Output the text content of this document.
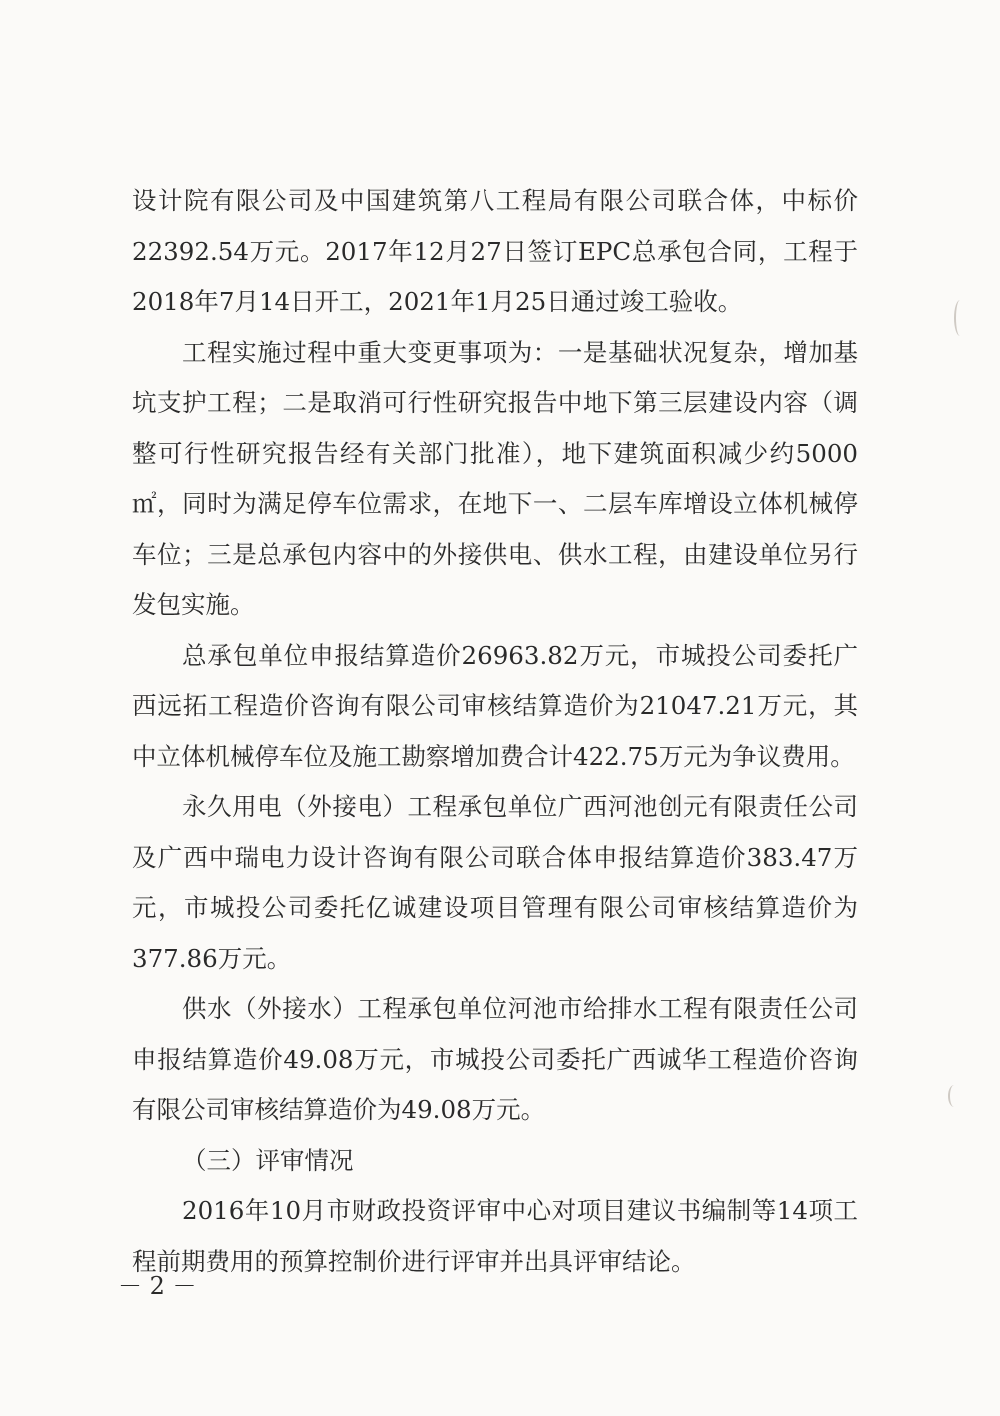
设计院有限公司及中国建筑第八工程局有限公司联合体，中标价22392.54万元。2017年12月27日签订EPC总承包合同，工程于2018年7月14日开工，2021年1月25日通过竣工验收。

工程实施过程中重大变更事项为：一是基础状况复杂，增加基坑支护工程；二是取消可行性研究报告中地下第三层建设内容（调整可行性研究报告经有关部门批准），地下建筑面积减少约5000㎡，同时为满足停车位需求，在地下一、二层车库增设立体机械停车位；三是总承包内容中的外接供电、供水工程，由建设单位另行发包实施。

总承包单位申报结算造价26963.82万元，市城投公司委托广西远拓工程造价咨询有限公司审核结算造价为21047.21万元，其中立体机械停车位及施工勘察增加费合计422.75万元为争议费用。

永久用电（外接电）工程承包单位广西河池创元有限责任公司及广西中瑞电力设计咨询有限公司联合体申报结算造价383.47万元，市城投公司委托亿诚建设项目管理有限公司审核结算造价为377.86万元。

供水（外接水）工程承包单位河池市给排水工程有限责任公司申报结算造价49.08万元，市城投公司委托广西诚华工程造价咨询有限公司审核结算造价为49.08万元。

（三）评审情况

2016年10月市财政投资评审中心对项目建议书编制等14项工程前期费用的预算控制价进行评审并出具评审结论。

－ 2 －
